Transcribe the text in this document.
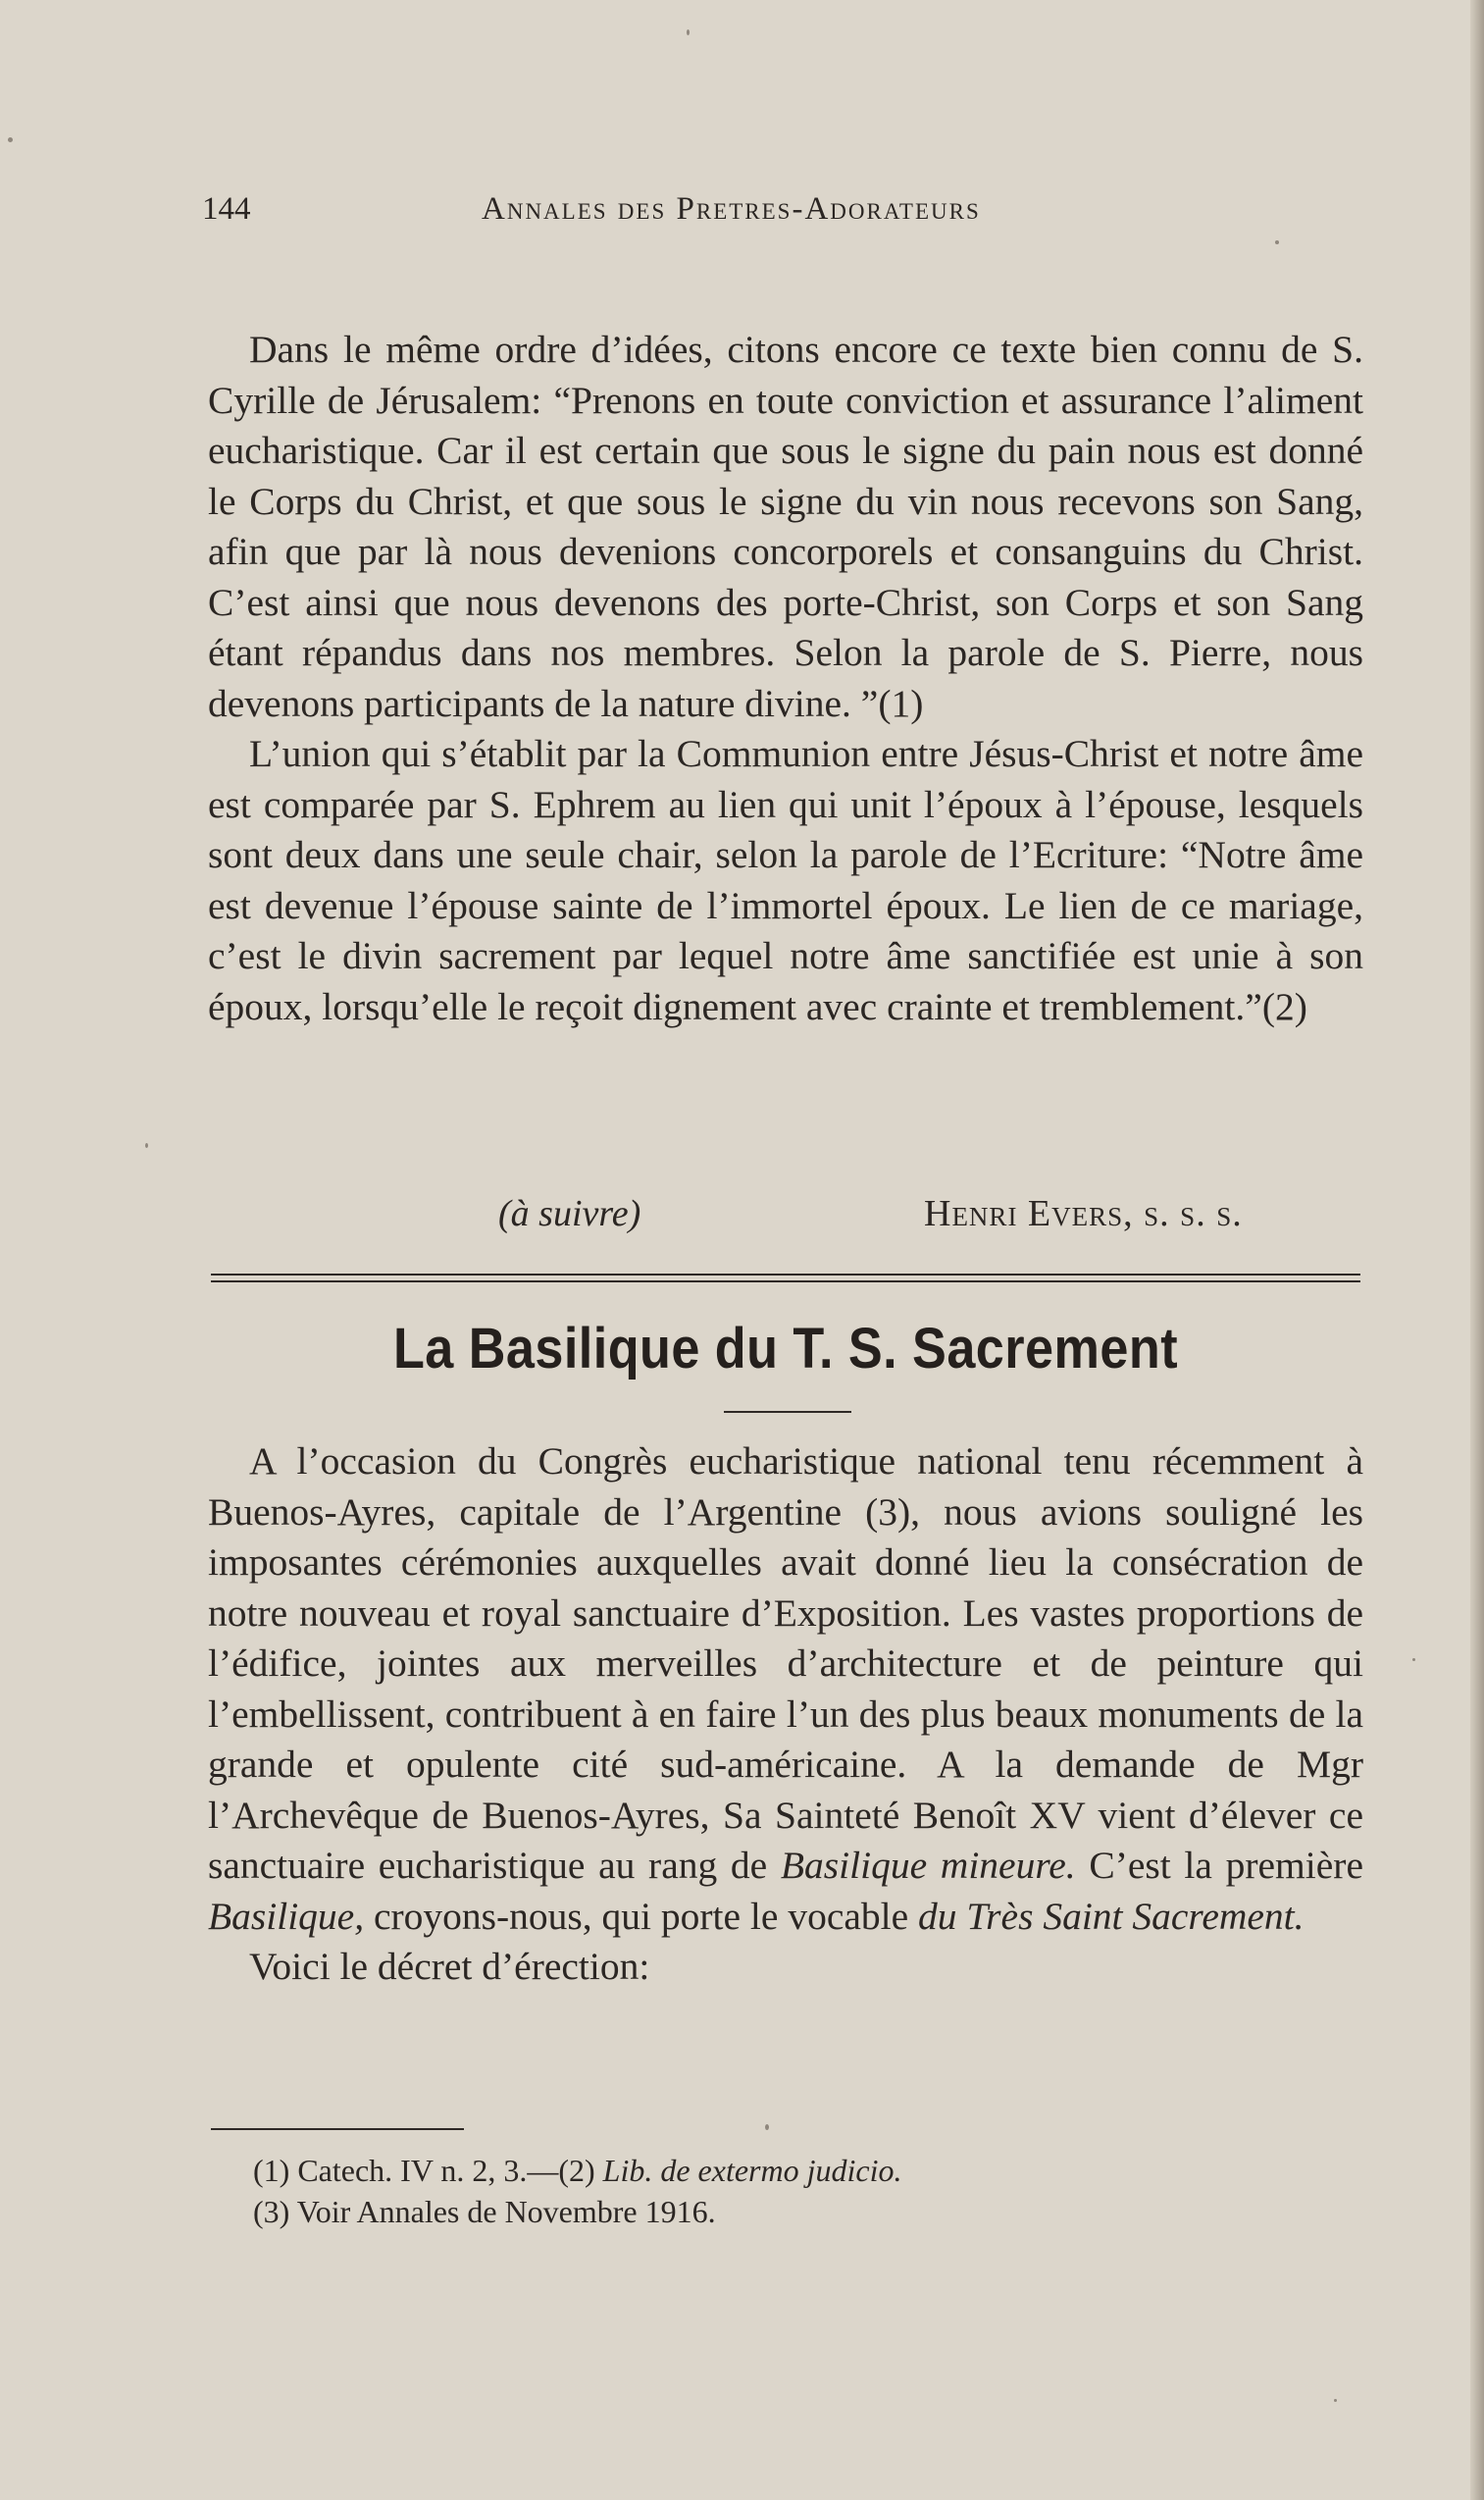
144	Annales des Pretres-Adorateurs

Dans le même ordre d’idées, citons encore ce texte bien connu de S. Cyrille de Jérusalem: “Prenons en toute conviction et assurance l’aliment eucharistique. Car il est certain que sous le signe du pain nous est donné le Corps du Christ, et que sous le signe du vin nous recevons son Sang, afin que par là nous devenions concorporels et consanguins du Christ. C’est ainsi que nous devenons des porte-Christ, son Corps et son Sang étant répandus dans nos membres. Selon la parole de S. Pierre, nous devenons participants de la nature divine. ”(1)

L’union qui s’établit par la Communion entre Jésus-Christ et notre âme est comparée par S. Ephrem au lien qui unit l’époux à l’épouse, lesquels sont deux dans une seule chair, selon la parole de l’Ecriture: “Notre âme est devenue l’épouse sainte de l’immortel époux. Le lien de ce mariage, c’est le divin sacrement par lequel notre âme sanctifiée est unie à son époux, lorsqu’elle le reçoit dignement avec crainte et tremblement.”(2)

(à suivre)	Henri Evers, s. s. s.
La Basilique du T. S. Sacrement

A l’occasion du Congrès eucharistique national tenu récemment à Buenos-Ayres, capitale de l’Argentine (3), nous avions souligné les imposantes cérémonies auxquelles avait donné lieu la consécration de notre nouveau et royal sanctuaire d’Exposition. Les vastes proportions de l’édifice, jointes aux merveilles d’architecture et de peinture qui l’embellissent, contribuent à en faire l’un des plus beaux monuments de la grande et opulente cité sud-américaine. A la demande de Mgr l’Archevêque de Buenos-Ayres, Sa Sainteté Benoît XV vient d’élever ce sanctuaire eucharistique au rang de Basilique mineure. C’est la première Basilique, croyons-nous, qui porte le vocable du Très Saint Sacrement.

Voici le décret d’érection:

(1) Catech. IV n. 2, 3.—(2) Lib. de extermo judicio.
(3) Voir Annales de Novembre 1916.
